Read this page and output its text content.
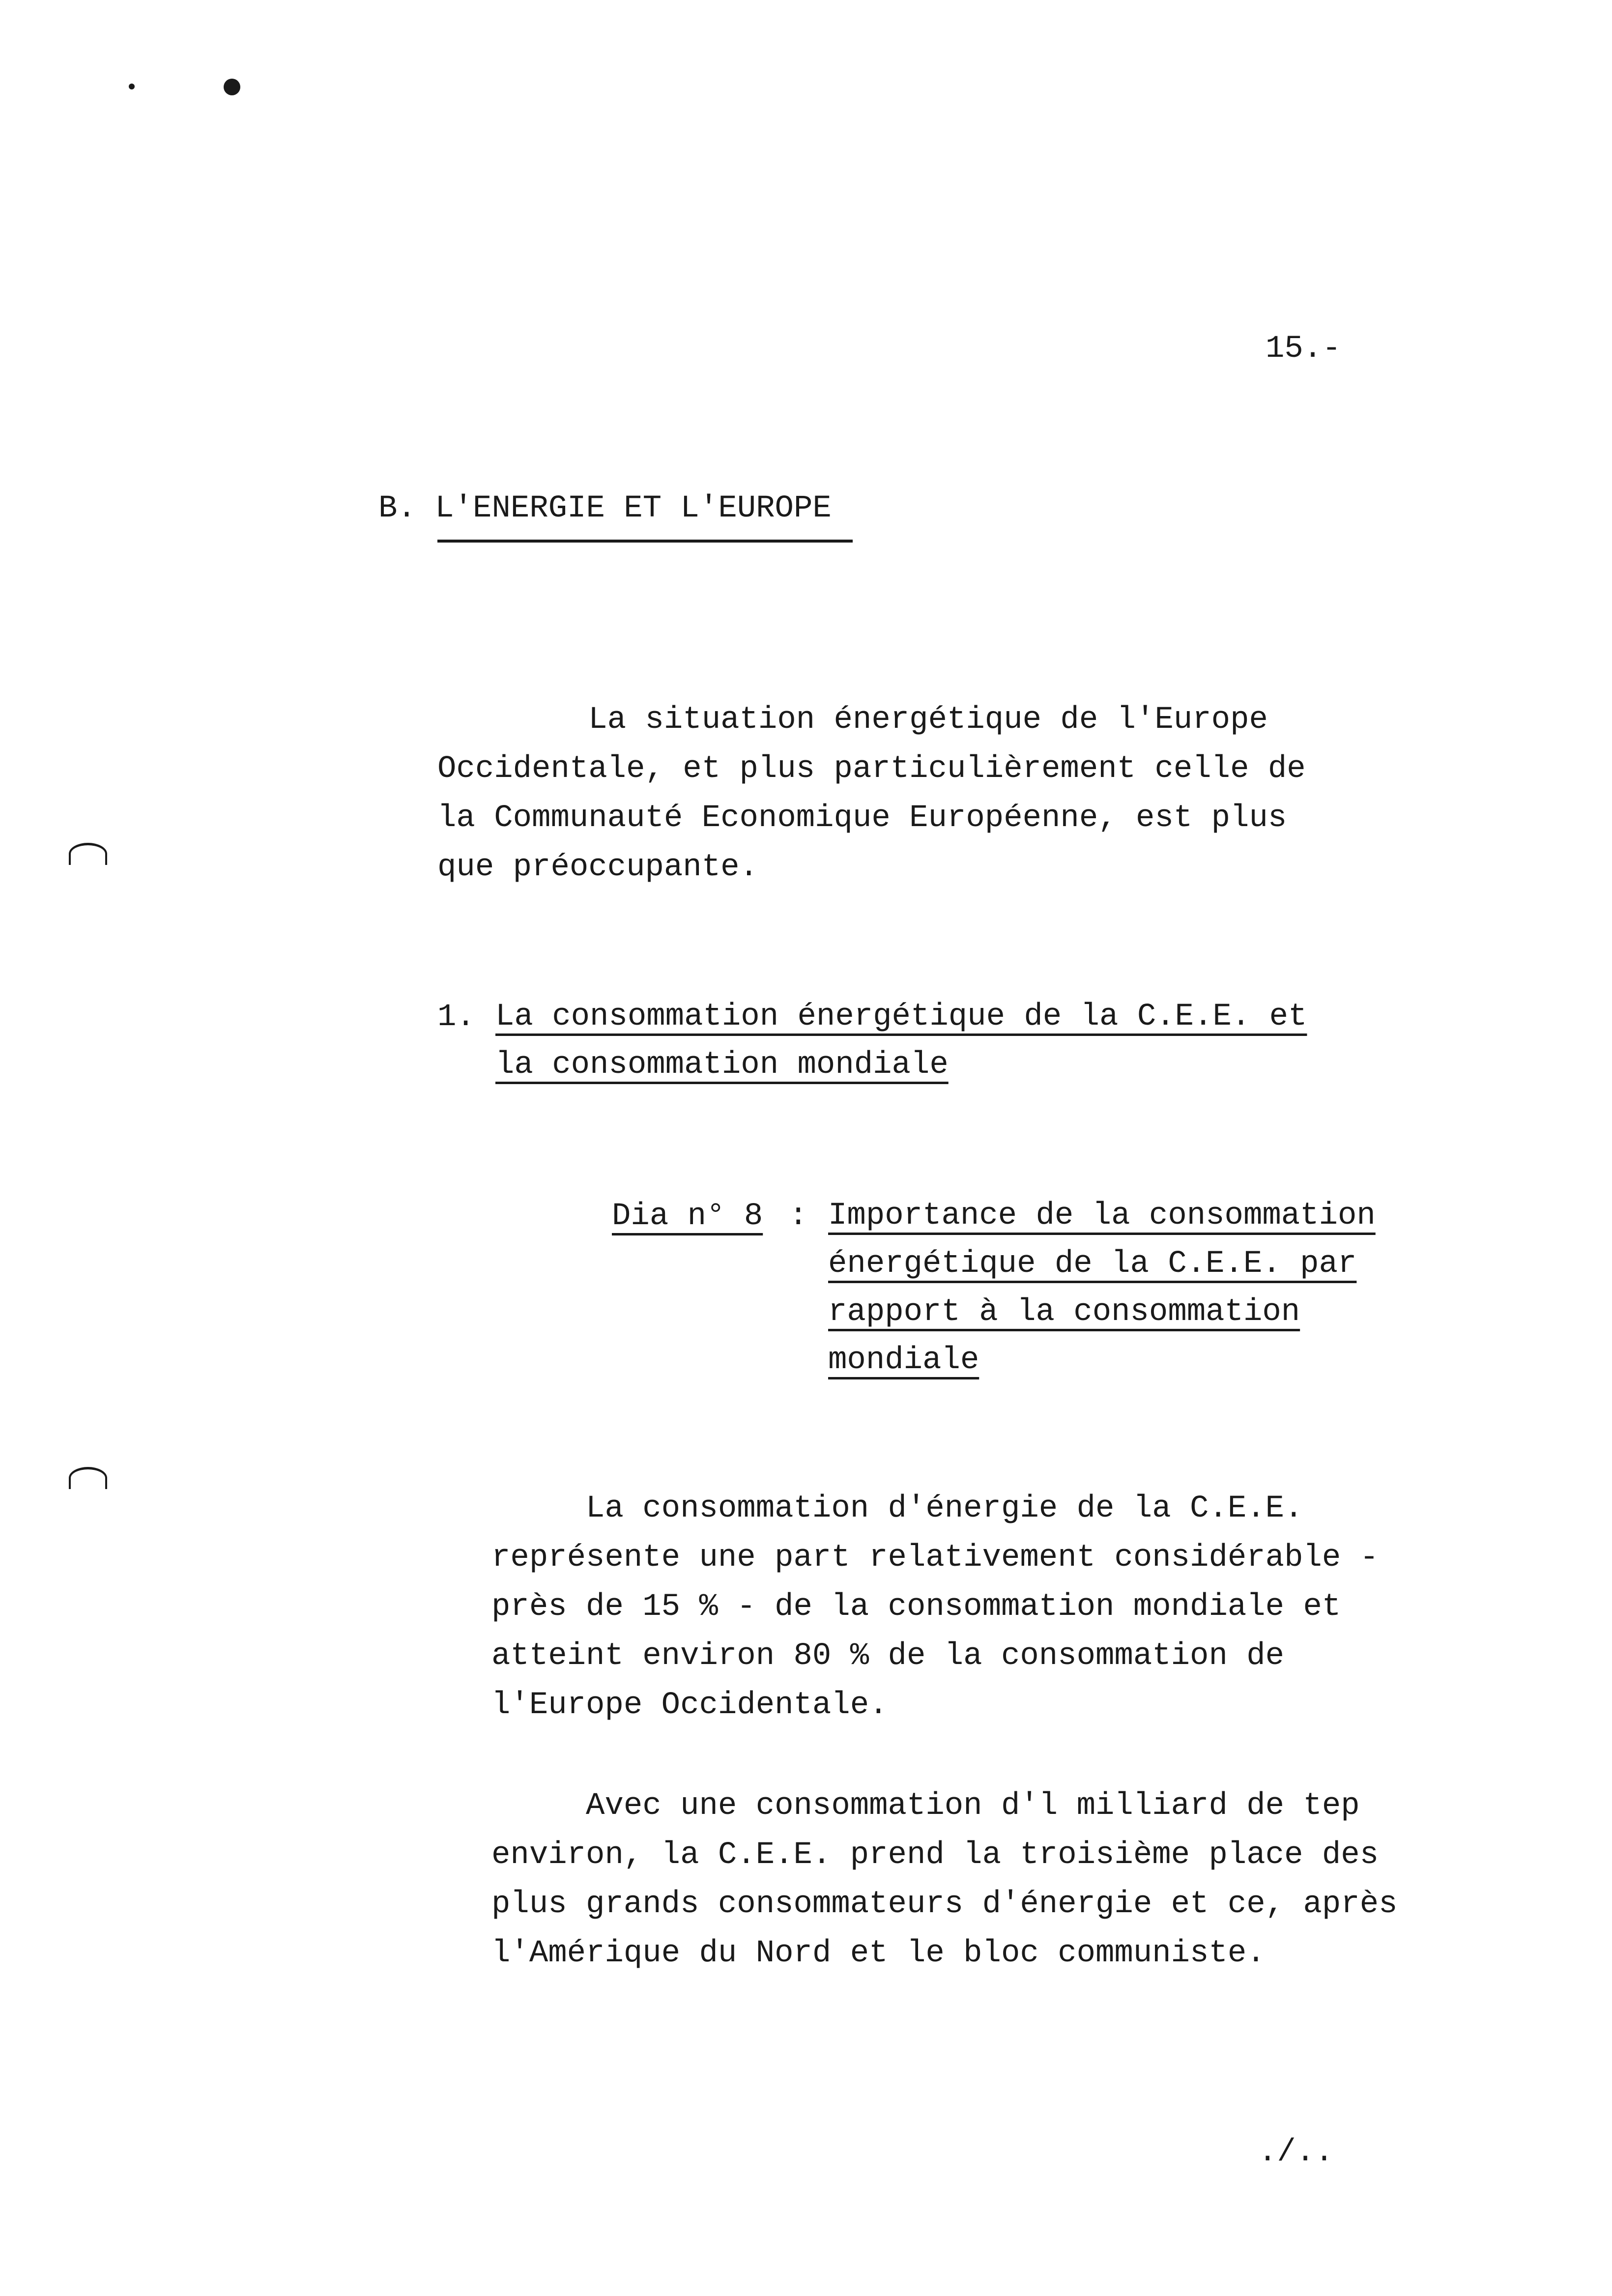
15.-
B. L'ENERGIE ET L'EUROPE
La situation énergétique de l'Europe
Occidentale, et plus particulièrement celle de
la Communauté Economique Européenne, est plus
que préoccupante.
1. La consommation énergétique de la C.E.E. et
la consommation mondiale
Dia n° 8 : Importance de la consommation
énergétique de la C.E.E. par
rapport à la consommation
mondiale
La consommation d'énergie de la C.E.E.
représente une part relativement considérable -
près de 15 % - de la consommation mondiale et
atteint environ 80 % de la consommation de
l'Europe Occidentale.
Avec une consommation d'l milliard de tep
environ, la C.E.E. prend la troisième place des
plus grands consommateurs d'énergie et ce, après
l'Amérique du Nord et le bloc communiste.
./..
